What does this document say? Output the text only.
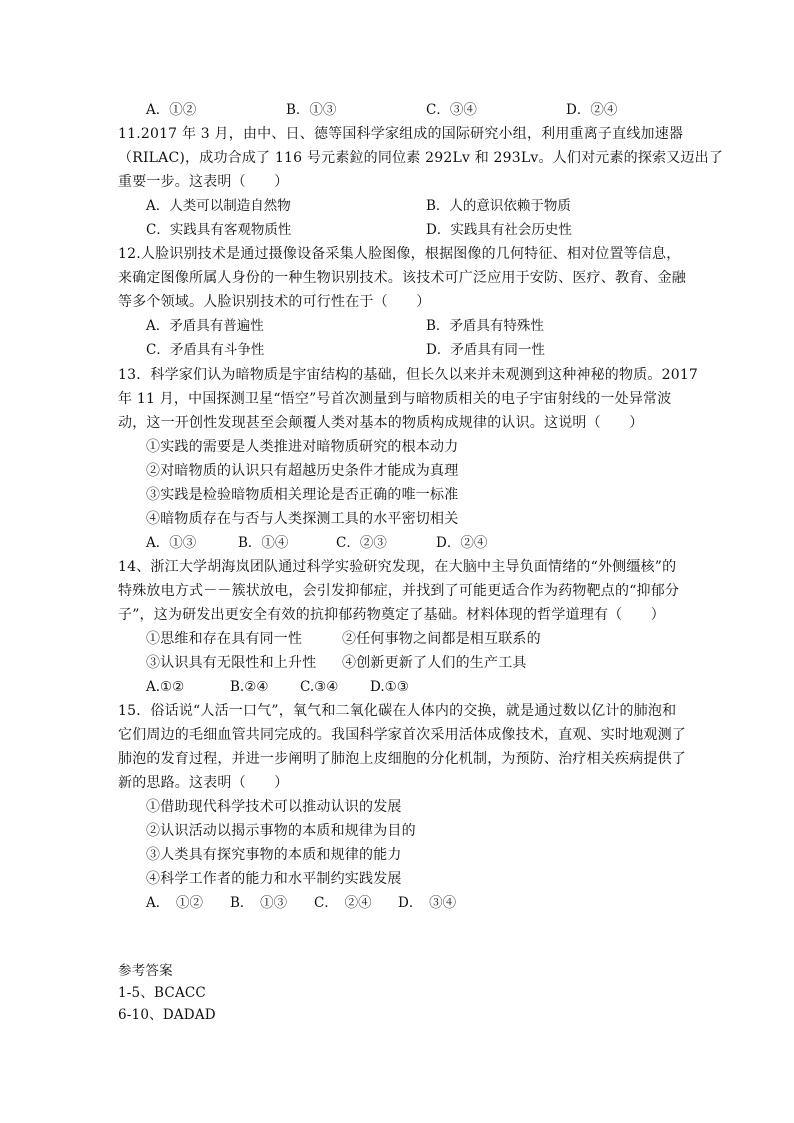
A．①②	B．①③	C．③④	D．②④
11.2017 年 3 月，由中、日、德等国科学家组成的国际研究小组，利用重离子直线加速器
（RILAC)，成功合成了 116 号元素鉝的同位素 292Lv 和 293Lv。人们对元素的探索又迈出了
重要一步。这表明（　　）
A．人类可以制造自然物	B．人的意识依赖于物质
C．实践具有客观物质性	D．实践具有社会历史性
12.人脸识别技术是通过摄像设备采集人脸图像，根据图像的几何特征、相对位置等信息，
来确定图像所属人身份的一种生物识别技术。该技术可广泛应用于安防、医疗、教育、金融
等多个领域。人脸识别技术的可行性在于（　　）
A．矛盾具有普遍性	B．矛盾具有特殊性
C．矛盾具有斗争性	D．矛盾具有同一性
13．科学家们认为暗物质是宇宙结构的基础，但长久以来并未观测到这种神秘的物质。2017
年 11 月，中国探测卫星“悟空”号首次测量到与暗物质相关的电子宇宙射线的一处异常波
动，这一开创性发现甚至会颠覆人类对基本的物质构成规律的认识。这说明（　　）
①实践的需要是人类推进对暗物质研究的根本动力
②对暗物质的认识只有超越历史条件才能成为真理
③实践是检验暗物质相关理论是否正确的唯一标准
④暗物质存在与否与人类探测工具的水平密切相关
A．①③	B．①④	C．②③	D．②④
14、浙江大学胡海岚团队通过科学实验研究发现，在大脑中主导负面情绪的“外侧缰核”的
特殊放电方式－－簇状放电，会引发抑郁症，并找到了可能更适合作为药物靶点的“抑郁分
子”，这为研发出更安全有效的抗抑郁药物奠定了基础。材料体现的哲学道理有（　　）
①思维和存在具有同一性	②任何事物之间都是相互联系的
③认识具有无限性和上升性 ④创新更新了人们的生产工具
A.①②	B.②④ C.③④ D.①③
15．俗话说“人活一口气”，氧气和二氧化碳在人体内的交换，就是通过数以亿计的肺泡和
它们周边的毛细血管共同完成的。我国科学家首次采用活体成像技术，直观、实时地观测了
肺泡的发育过程，并进一步阐明了肺泡上皮细胞的分化机制，为预防、治疗相关疾病提供了
新的思路。这表明（　　）
①借助现代科学技术可以推动认识的发展
②认识活动以揭示事物的本质和规律为目的
③人类具有探究事物的本质和规律的能力
④科学工作者的能力和水平制约实践发展
A．　①② B．　①③ C．　②④ D．　③④
参考答案
1-5、BCACC
6-10、DADAD
